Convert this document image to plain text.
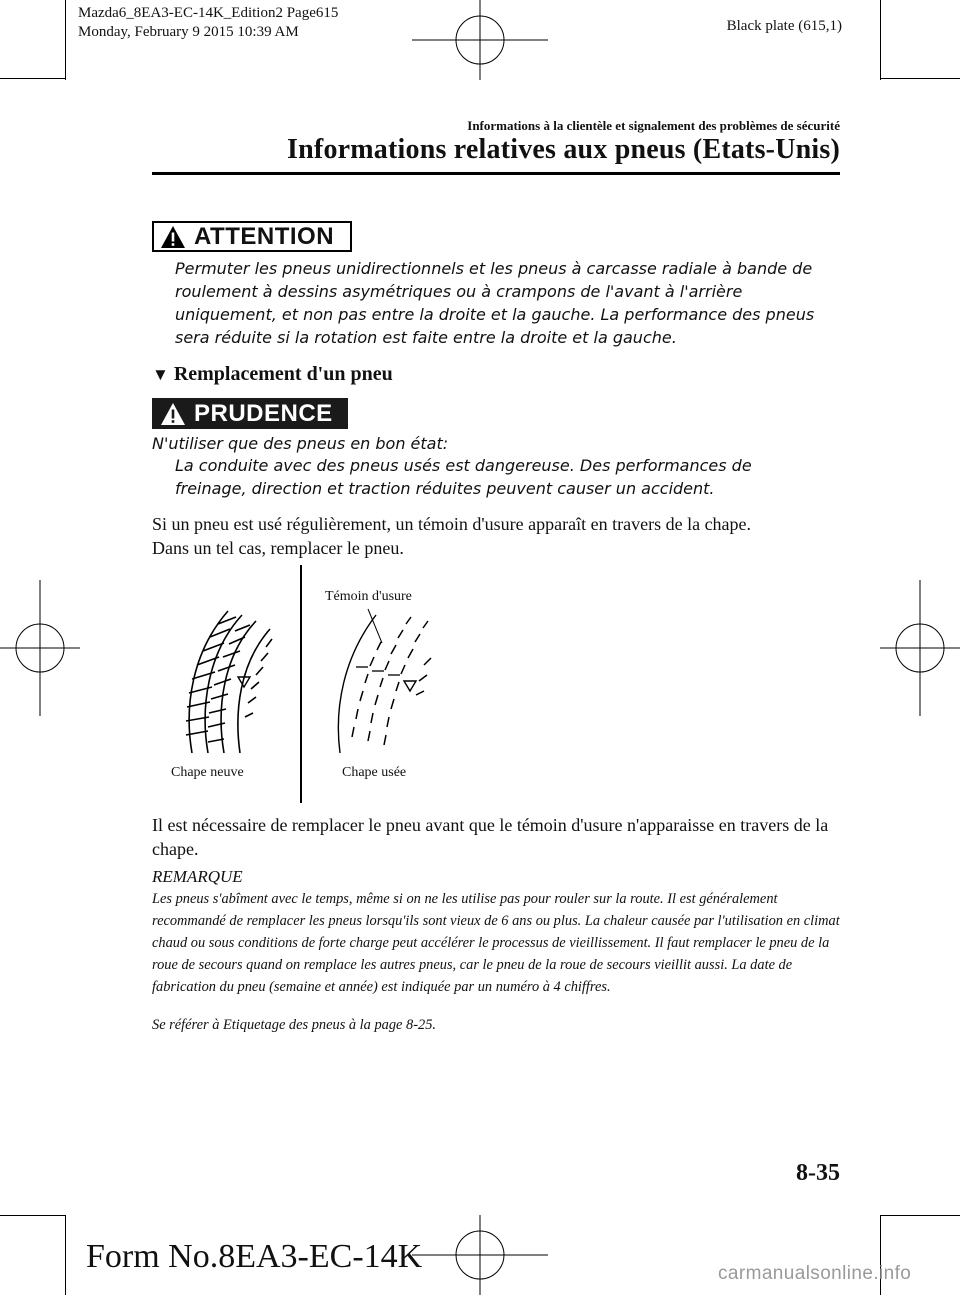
Mazda6_8EA3-EC-14K_Edition2 Page615
Monday, February 9 2015 10:39 AM	Black plate (615,1)
Informations à la clientèle et signalement des problèmes de sécurité
Informations relatives aux pneus (Etats-Unis)
ATTENTION
Permuter les pneus unidirectionnels et les pneus à carcasse radiale à bande de roulement à dessins asymétriques ou à crampons de l'avant à l'arrière uniquement, et non pas entre la droite et la gauche. La performance des pneus sera réduite si la rotation est faite entre la droite et la gauche.
▼ Remplacement d'un pneu
PRUDENCE
N'utiliser que des pneus en bon état:
La conduite avec des pneus usés est dangereuse. Des performances de freinage, direction et traction réduites peuvent causer un accident.
Si un pneu est usé régulièrement, un témoin d'usure apparaît en travers de la chape.
Dans un tel cas, remplacer le pneu.
Témoin d'usure
Chape neuve	Chape usée
Il est nécessaire de remplacer le pneu avant que le témoin d'usure n'apparaisse en travers de la chape.
REMARQUE
Les pneus s'abîment avec le temps, même si on ne les utilise pas pour rouler sur la route. Il est généralement recommandé de remplacer les pneus lorsqu'ils sont vieux de 6 ans ou plus. La chaleur causée par l'utilisation en climat chaud ou sous conditions de forte charge peut accélérer le processus de vieillissement. Il faut remplacer le pneu de la roue de secours quand on remplace les autres pneus, car le pneu de la roue de secours vieillit aussi. La date de fabrication du pneu (semaine et année) est indiquée par un numéro à 4 chiffres.
Se référer à Etiquetage des pneus à la page 8-25.
8-35
Form No.8EA3-EC-14K	carmanualsonline.info
